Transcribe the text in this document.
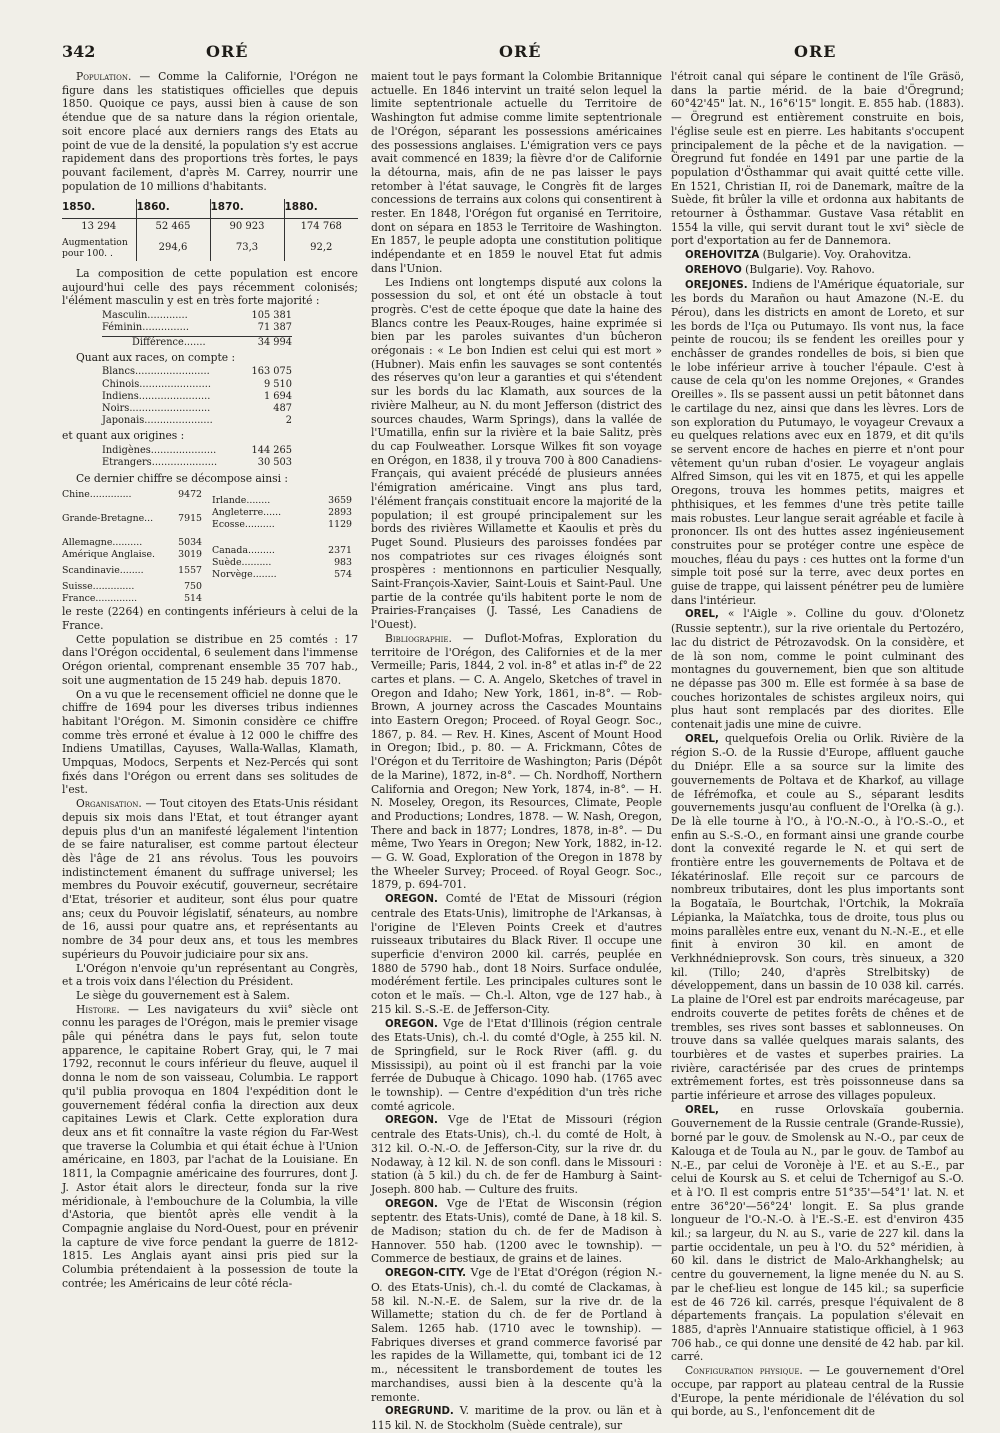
342	ORÉ	ORÉ	ORE

Population. — Comme la Californie, l'Orégon ne figure dans les statistiques officielles que depuis 1850. Quoique ce pays, aussi bien à cause de son étendue que de sa nature dans la région orientale, soit encore placé aux derniers rangs des Etats au point de vue de la densité, la population s'y est accrue rapidement dans des proportions très fortes, le pays pouvant facilement, d'après M. Carrey, nourrir une population de 10 millions d'habitants.

1850.	1860.	1870.	1880.
13 294	52 465	90 923	174 768
Augmentation pour 100. .	294,6	73,3	92,2

La composition de cette population est encore aujourd'hui celle des pays récemment colonisés; l'élément masculin y est en très forte majorité :

Masculin.............	105 381
Féminin...............	71 387
Différence.......	34 994

Quant aux races, on compte :

Blancs........................	163 075
Chinois.......................	9 510
Indiens.......................	1 694
Noirs..........................	487
Japonais......................	2

et quant aux origines :

Indigènes.....................	144 265
Etrangers.....................	30 503

Ce dernier chiffre se décompose ainsi :

Chine..............	9472
Grande-Bretagne...	7915
Allemagne..........	5034
Amérique Anglaise. 3019
Scandinavie........	1557
Suisse..............	750
France..............	514
Irlande........	3659
Angleterre......	2893
Ecosse..........	1129
Canada.........	2371
Suède..........	983
Norvège........	574

le reste (2264) en contingents inférieurs à celui de la France.

Cette population se distribue en 25 comtés : 17 dans l'Orégon occidental, 6 seulement dans l'immense Orégon oriental, comprenant ensemble 35 707 hab., soit une augmentation de 15 249 hab. depuis 1870.

On a vu que le recensement officiel ne donne que le chiffre de 1694 pour les diverses tribus indiennes habitant l'Orégon. M. Simonin considère ce chiffre comme très erroné et évalue à 12 000 le chiffre des Indiens Umatillas, Cayuses, Walla-Wallas, Klamath, Umpquas, Modocs, Serpents et Nez-Percés qui sont fixés dans l'Orégon ou errent dans ses solitudes de l'est.

Organisation. — Tout citoyen des Etats-Unis résidant depuis six mois dans l'Etat, et tout étranger ayant depuis plus d'un an manifesté légalement l'intention de se faire naturaliser, est comme partout électeur dès l'âge de 21 ans révolus. Tous les pouvoirs indistinctement émanent du suffrage universel; les membres du Pouvoir exécutif, gouverneur, secrétaire d'Etat, trésorier et auditeur, sont élus pour quatre ans; ceux du Pouvoir législatif, sénateurs, au nombre de 16, aussi pour quatre ans, et représentants au nombre de 34 pour deux ans, et tous les membres supérieurs du Pouvoir judiciaire pour six ans.

L'Orégon n'envoie qu'un représentant au Congrès, et a trois voix dans l'élection du Président.

Le siège du gouvernement est à Salem.

Histoire. — Les navigateurs du xvii° siècle ont connu les parages de l'Orégon, mais le premier visage pâle qui pénétra dans le pays fut, selon toute apparence, le capitaine Robert Gray, qui, le 7 mai 1792, reconnut le cours inférieur du fleuve, auquel il donna le nom de son vaisseau, Columbia. Le rapport qu'il publia provoqua en 1804 l'expédition dont le gouvernement fédéral confia la direction aux deux capitaines Lewis et Clark. Cette exploration dura deux ans et fit connaître la vaste région du Far-West que traverse la Columbia et qui était échue à l'Union américaine, en 1803, par l'achat de la Louisiane. En 1811, la Compagnie américaine des fourrures, dont J. J. Astor était alors le directeur, fonda sur la rive méridionale, à l'embouchure de la Columbia, la ville d'Astoria, que bientôt après elle vendit à la Compagnie anglaise du Nord-Ouest, pour en prévenir la capture de vive force pendant la guerre de 1812-1815. Les Anglais ayant ainsi pris pied sur la Columbia prétendaient à la possession de toute la contrée; les Américains de leur côté récla-

maient tout le pays formant la Colombie Britannique actuelle. En 1846 intervint un traité selon lequel la limite septentrionale actuelle du Territoire de Washington fut admise comme limite septentrionale de l'Orégon, séparant les possessions américaines des possessions anglaises. L'émigration vers ce pays avait commencé en 1839; la fièvre d'or de Californie la détourna, mais, afin de ne pas laisser le pays retomber à l'état sauvage, le Congrès fit de larges concessions de terrains aux colons qui consentirent à rester. En 1848, l'Orégon fut organisé en Territoire, dont on sépara en 1853 le Territoire de Washington. En 1857, le peuple adopta une constitution politique indépendante et en 1859 le nouvel Etat fut admis dans l'Union.

Les Indiens ont longtemps disputé aux colons la possession du sol, et ont été un obstacle à tout progrès. C'est de cette époque que date la haine des Blancs contre les Peaux-Rouges, haine exprimée si bien par les paroles suivantes d'un bûcheron orégonais : « Le bon Indien est celui qui est mort » (Hubner). Mais enfin les sauvages se sont contentés des réserves qu'on leur a garanties et qui s'étendent sur les bords du lac Klamath, aux sources de la rivière Malheur, au N. du mont Jefferson (district des sources chaudes, Warm Springs), dans la vallée de l'Umatilla, enfin sur la rivière et la baie Salitz, près du cap Foulweather. Lorsque Wilkes fit son voyage en Orégon, en 1838, il y trouva 700 à 800 Canadiens-Français, qui avaient précédé de plusieurs années l'émigration américaine. Vingt ans plus tard, l'élément français constituait encore la majorité de la population; il est groupé principalement sur les bords des rivières Willamette et Kaoulis et près du Puget Sound. Plusieurs des paroisses fondées par nos compatriotes sur ces rivages éloignés sont prospères : mentionnons en particulier Nesqually, Saint-François-Xavier, Saint-Louis et Saint-Paul. Une partie de la contrée qu'ils habitent porte le nom de Prairies-Françaises (J. Tassé, Les Canadiens de l'Ouest).

Bibliographie. — Duflot-Mofras, Exploration du territoire de l'Orégon, des Californies et de la mer Vermeille; Paris, 1844, 2 vol. in-8° et atlas in-f° de 22 cartes et plans. — C. A. Angelo, Sketches of travel in Oregon and Idaho; New York, 1861, in-8°. — Rob-Brown, A journey across the Cascades Mountains into Eastern Oregon; Proceed. of Royal Geogr. Soc., 1867, p. 84. — Rev. H. Kines, Ascent of Mount Hood in Oregon; Ibid., p. 80. — A. Frickmann, Côtes de l'Orégon et du Territoire de Washington; Paris (Dépôt de la Marine), 1872, in-8°. — Ch. Nordhoff, Northern California and Oregon; New York, 1874, in-8°. — H. N. Moseley, Oregon, its Resources, Climate, People and Productions; Londres, 1878. — W. Nash, Oregon, There and back in 1877; Londres, 1878, in-8°. — Du même, Two Years in Oregon; New York, 1882, in-12. — G. W. Goad, Exploration of the Oregon in 1878 by the Wheeler Survey; Proceed. of Royal Geogr. Soc., 1879, p. 694-701.

OREGON. Comté de l'Etat de Missouri (région centrale des Etats-Unis), limitrophe de l'Arkansas, à l'origine de l'Eleven Points Creek et d'autres ruisseaux tributaires du Black River. Il occupe une superficie d'environ 2000 kil. carrés, peuplée en 1880 de 5790 hab., dont 18 Noirs. Surface ondulée, modérément fertile. Les principales cultures sont le coton et le maïs. — Ch.-l. Alton, vge de 127 hab., à 215 kil. S.-S.-E. de Jefferson-City.

OREGON. Vge de l'Etat d'Illinois (région centrale des Etats-Unis), ch.-l. du comté d'Ogle, à 255 kil. N. de Springfield, sur le Rock River (affl. g. du Mississipi), au point où il est franchi par la voie ferrée de Dubuque à Chicago. 1090 hab. (1765 avec le township). — Centre d'expédition d'un très riche comté agricole.

OREGON. Vge de l'Etat de Missouri (région centrale des Etats-Unis), ch.-l. du comté de Holt, à 312 kil. O.-N.-O. de Jefferson-City, sur la rive dr. du Nodaway, à 12 kil. N. de son confl. dans le Missouri : station (à 5 kil.) du ch. de fer de Hamburg à Saint-Joseph. 800 hab. — Culture des fruits.

OREGON. Vge de l'Etat de Wisconsin (région septentr. des Etats-Unis), comté de Dane, à 18 kil. S. de Madison; station du ch. de fer de Madison à Hannover. 550 hab. (1200 avec le township). — Commerce de bestiaux, de grains et de laines.

OREGON-CITY. Vge de l'Etat d'Orégon (région N.-O. des Etats-Unis), ch.-l. du comté de Clackamas, à 58 kil. N.-N.-E. de Salem, sur la rive dr. de la Willamette; station du ch. de fer de Portland à Salem. 1265 hab. (1710 avec le township). — Fabriques diverses et grand commerce favorisé par les rapides de la Willamette, qui, tombant ici de 12 m., nécessitent le transbordement de toutes les marchandises, aussi bien à la descente qu'à la remonte.

OREGRUND. V. maritime de la prov. ou län et à 115 kil. N. de Stockholm (Suède centrale), sur

l'étroit canal qui sépare le continent de l'île Gräsö, dans la partie mérid. de la baie d'Öregrund; 60°42'45" lat. N., 16°6'15" longit. E. 855 hab. (1883). — Öregrund est entièrement construite en bois, l'église seule est en pierre. Les habitants s'occupent principalement de la pêche et de la navigation. — Öregrund fut fondée en 1491 par une partie de la population d'Östhammar qui avait quitté cette ville. En 1521, Christian II, roi de Danemark, maître de la Suède, fit brûler la ville et ordonna aux habitants de retourner à Östhammar. Gustave Vasa rétablit en 1554 la ville, qui servit durant tout le xvi° siècle de port d'exportation au fer de Dannemora.

OREHOVITZA (Bulgarie). Voy. Orahovitza.

OREHOVO (Bulgarie). Voy. Rahovo.

OREJONES. Indiens de l'Amérique équatoriale, sur les bords du Marañon ou haut Amazone (N.-E. du Pérou), dans les districts en amont de Loreto, et sur les bords de l'Iça ou Putumayo. Ils vont nus, la face peinte de roucou; ils se fendent les oreilles pour y enchâsser de grandes rondelles de bois, si bien que le lobe inférieur arrive à toucher l'épaule. C'est à cause de cela qu'on les nomme Orejones, « Grandes Oreilles ». Ils se passent aussi un petit bâtonnet dans le cartilage du nez, ainsi que dans les lèvres. Lors de son exploration du Putumayo, le voyageur Crevaux a eu quelques relations avec eux en 1879, et dit qu'ils se servent encore de haches en pierre et n'ont pour vêtement qu'un ruban d'osier. Le voyageur anglais Alfred Simson, qui les vit en 1875, et qui les appelle Oregons, trouva les hommes petits, maigres et phthisiques, et les femmes d'une très petite taille mais robustes. Leur langue serait agréable et facile à prononcer. Ils ont des huttes assez ingénieusement construites pour se protéger contre une espèce de mouches, fléau du pays : ces huttes ont la forme d'un simple toit posé sur la terre, avec deux portes en guise de trappe, qui laissent pénétrer peu de lumière dans l'intérieur.

OREL, « l'Aigle ». Colline du gouv. d'Olonetz (Russie septentr.), sur la rive orientale du Pertozéro, lac du district de Pétrozavodsk. On la considère, et de là son nom, comme le point culminant des montagnes du gouvernement, bien que son altitude ne dépasse pas 300 m. Elle est formée à sa base de couches horizontales de schistes argileux noirs, qui plus haut sont remplacés par des diorites. Elle contenait jadis une mine de cuivre.

OREL, quelquefois Orelia ou Orlik. Rivière de la région S.-O. de la Russie d'Europe, affluent gauche du Dniépr. Elle a sa source sur la limite des gouvernements de Poltava et de Kharkof, au village de Iéfrémofka, et coule au S., séparant lesdits gouvernements jusqu'au confluent de l'Orelka (à g.). De là elle tourne à l'O., à l'O.-N.-O., à l'O.-S.-O., et enfin au S.-S.-O., en formant ainsi une grande courbe dont la convexité regarde le N. et qui sert de frontière entre les gouvernements de Poltava et de Iékatérinoslaf. Elle reçoit sur ce parcours de nombreux tributaires, dont les plus importants sont la Bogataïa, le Bourtchak, l'Ortchik, la Mokraïa Lépianka, la Maïatchka, tous de droite, tous plus ou moins parallèles entre eux, venant du N.-N.-E., et elle finit à environ 30 kil. en amont de Verkhnédnieprovsk. Son cours, très sinueux, a 320 kil. (Tillo; 240, d'après Strelbitsky) de développement, dans un bassin de 10 038 kil. carrés. La plaine de l'Orel est par endroits marécageuse, par endroits couverte de petites forêts de chênes et de trembles, ses rives sont basses et sablonneuses. On trouve dans sa vallée quelques marais salants, des tourbières et de vastes et superbes prairies. La rivière, caractérisée par des crues de printemps extrêmement fortes, est très poissonneuse dans sa partie inférieure et arrose des villages populeux.

OREL, en russe Orlovskaïa goubernia. Gouvernement de la Russie centrale (Grande-Russie), borné par le gouv. de Smolensk au N.-O., par ceux de Kalouga et de Toula au N., par le gouv. de Tambof au N.-E., par celui de Voronèje à l'E. et au S.-E., par celui de Koursk au S. et celui de Tchernigof au S.-O. et à l'O. Il est compris entre 51°35'—54°1' lat. N. et entre 36°20'—56°24' longit. E. Sa plus grande longueur de l'O.-N.-O. à l'E.-S.-E. est d'environ 435 kil.; sa largeur, du N. au S., varie de 227 kil. dans la partie occidentale, un peu à l'O. du 52° méridien, à 60 kil. dans le district de Malo-Arkhanghelsk; au centre du gouvernement, la ligne menée du N. au S. par le chef-lieu est longue de 145 kil.; sa superficie est de 46 726 kil. carrés, presque l'équivalent de 8 départements français. La population s'élevait en 1885, d'après l'Annuaire statistique officiel, à 1 963 706 hab., ce qui donne une densité de 42 hab. par kil. carré.

Configuration physique. — Le gouvernement d'Orel occupe, par rapport au plateau central de la Russie d'Europe, la pente méridionale de l'élévation du sol qui borde, au S., l'enfoncement dit de
